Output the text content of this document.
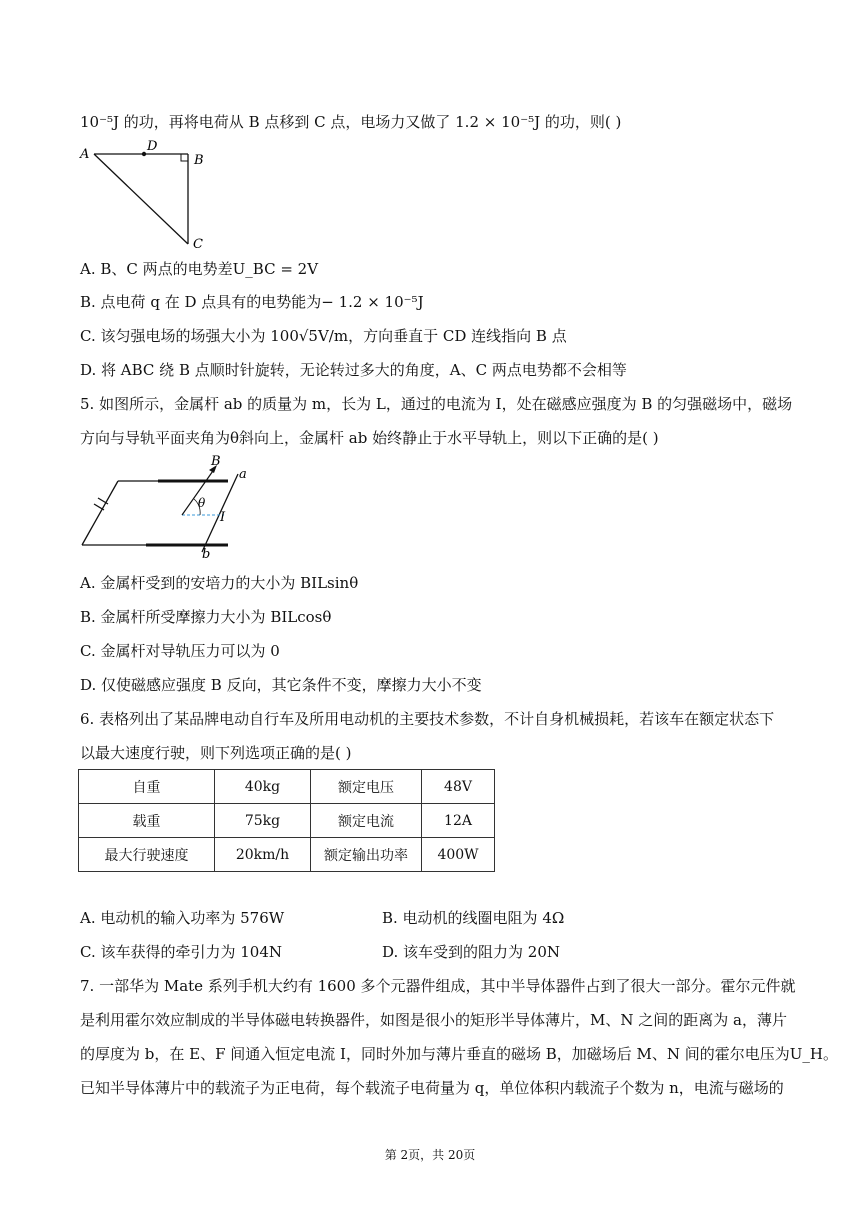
10⁻⁵J 的功，再将电荷从 B 点移到 C 点，电场力又做了 1.2 × 10⁻⁵J 的功，则( )
A
D
B
C
A. B、C 两点的电势差U_BC = 2V
B. 点电荷 q 在 D 点具有的电势能为− 1.2 × 10⁻⁵J
C. 该匀强电场的场强大小为 100√5V/m，方向垂直于 CD 连线指向 B 点
D. 将 ABC 绕 B 点顺时针旋转，无论转过多大的角度，A、C 两点电势都不会相等
5. 如图所示，金属杆 ab 的质量为 m，长为 L，通过的电流为 I，处在磁感应强度为 B 的匀强磁场中，磁场
方向与导轨平面夹角为θ斜向上，金属杆 ab 始终静止于水平导轨上，则以下正确的是( )
B
a
θ
I
b
A. 金属杆受到的安培力的大小为 BILsinθ
B. 金属杆所受摩擦力大小为 BILcosθ
C. 金属杆对导轨压力可以为 0
D. 仅使磁感应强度 B 反向，其它条件不变，摩擦力大小不变
6. 表格列出了某品牌电动自行车及所用电动机的主要技术参数，不计自身机械损耗，若该车在额定状态下
以最大速度行驶，则下列选项正确的是( )
自重	40kg	额定电压	48V
载重	75kg	额定电流	12A
最大行驶速度	20km/h	额定输出功率	400W
A. 电动机的输入功率为 576W	B. 电动机的线圈电阻为 4Ω
C. 该车获得的牵引力为 104N	D. 该车受到的阻力为 20N
7. 一部华为 Mate 系列手机大约有 1600 多个元器件组成，其中半导体器件占到了很大一部分。霍尔元件就
是利用霍尔效应制成的半导体磁电转换器件，如图是很小的矩形半导体薄片，M、N 之间的距离为 a，薄片
的厚度为 b，在 E、F 间通入恒定电流 I，同时外加与薄片垂直的磁场 B，加磁场后 M、N 间的霍尔电压为U_H。
已知半导体薄片中的载流子为正电荷，每个载流子电荷量为 q，单位体积内载流子个数为 n，电流与磁场的
第 2页，共 20页
